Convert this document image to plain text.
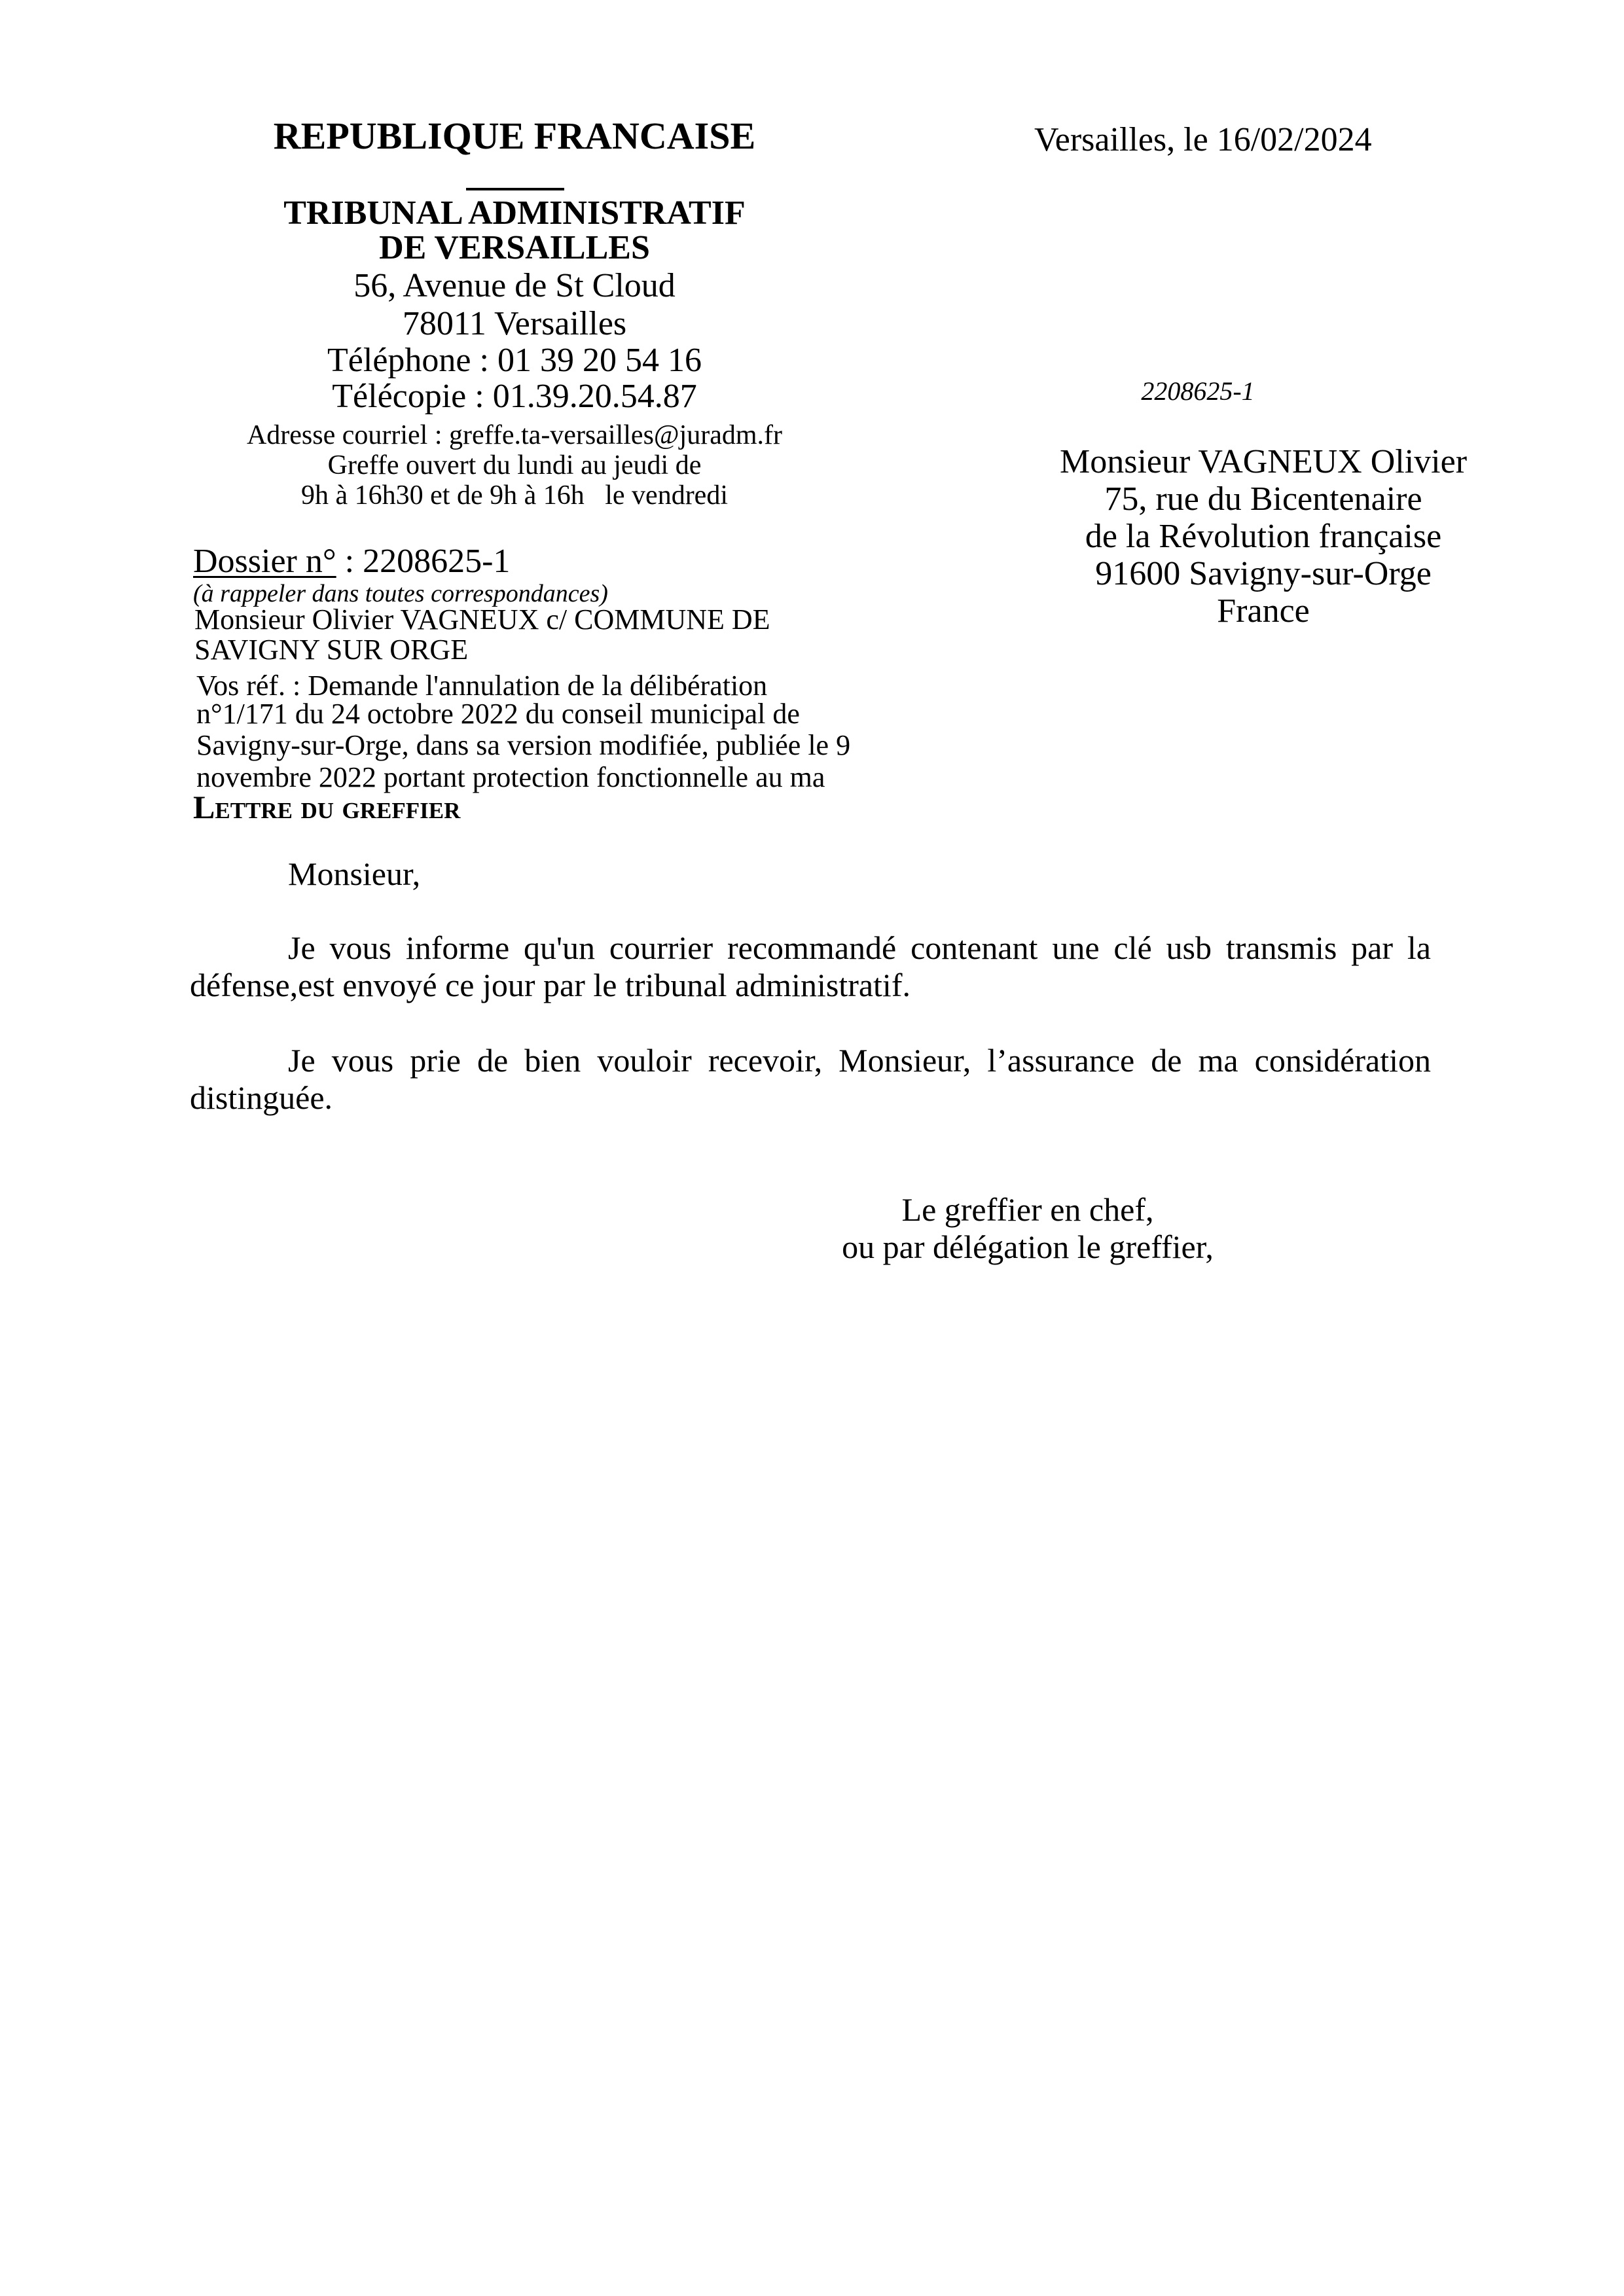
REPUBLIQUE FRANCAISE
TRIBUNAL ADMINISTRATIF
DE VERSAILLES
56, Avenue de St Cloud
78011 Versailles
Téléphone : 01 39 20 54 16
Télécopie : 01.39.20.54.87
Adresse courriel : greffe.ta-versailles@juradm.fr
Greffe ouvert du lundi au jeudi de
9h à 16h30 et de 9h à 16h   le vendredi
Versailles, le 16/02/2024
2208625-1
Monsieur VAGNEUX Olivier
75, rue du Bicentenaire
de la Révolution française
91600 Savigny-sur-Orge
France
Dossier n° : 2208625-1
(à rappeler dans toutes correspondances)
Monsieur Olivier VAGNEUX c/ COMMUNE DE
SAVIGNY SUR ORGE
Vos réf. : Demande l'annulation de la délibération
n°1/171 du 24 octobre 2022 du conseil municipal de
Savigny-sur-Orge, dans sa version modifiée, publiée le 9
novembre 2022 portant protection fonctionnelle au ma
Lettre du greffier
Monsieur,
Je vous informe qu'un courrier recommandé contenant une clé usb transmis par la
défense,est envoyé ce jour par le tribunal administratif.
Je vous prie de bien vouloir recevoir, Monsieur, l’assurance de ma considération
distinguée.
Le greffier en chef,
ou par délégation le greffier,
